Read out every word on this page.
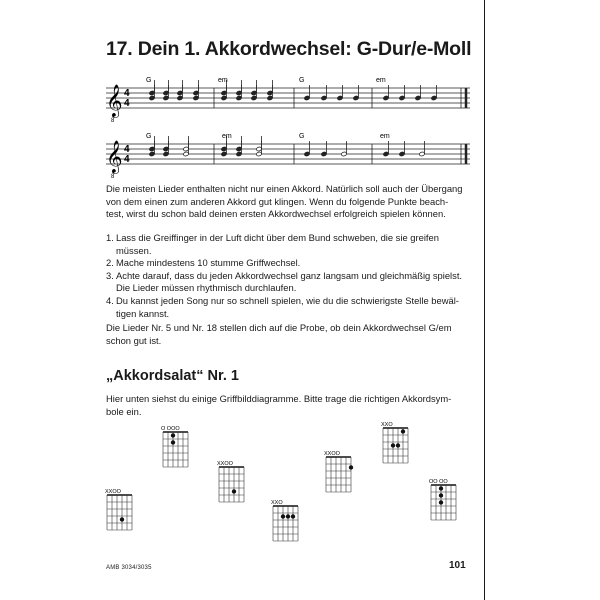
17. Dein 1. Akkordwechsel: G-Dur/e-Moll
𝄞
8
4
4
G	em	G	em
𝄞
8
4
4
G	em	G	em
Die meisten Lieder enthalten nicht nur einen Akkord. Natürlich soll auch der Übergang
von dem einen zum anderen Akkord gut klingen. Wenn du folgende Punkte beach-
test, wirst du schon bald deinen ersten Akkordwechsel erfolgreich spielen können.
1. Lass die Greiffinger in der Luft dicht über dem Bund schweben, die sie greifen
müssen.
2. Mache mindestens 10 stumme Griffwechsel.
3. Achte darauf, dass du jeden Akkordwechsel ganz langsam und gleichmäßig spielst.
Die Lieder müssen rhythmisch durchlaufen.
4. Du kannst jeden Song nur so schnell spielen, wie du die schwierigste Stelle bewäl-
tigen kannst.
Die Lieder Nr. 5 und Nr. 18 stellen dich auf die Probe, ob dein Akkordwechsel G/em
schon gut ist.
„Akkordsalat“ Nr. 1
Hier unten siehst du einige Griffbilddiagramme. Bitte trage die richtigen Akkordsym-
bole ein.
O OOO
XXO
XXOO
XXOO
XXO
XXOO
OO OO
AMB 3034/3035	101
